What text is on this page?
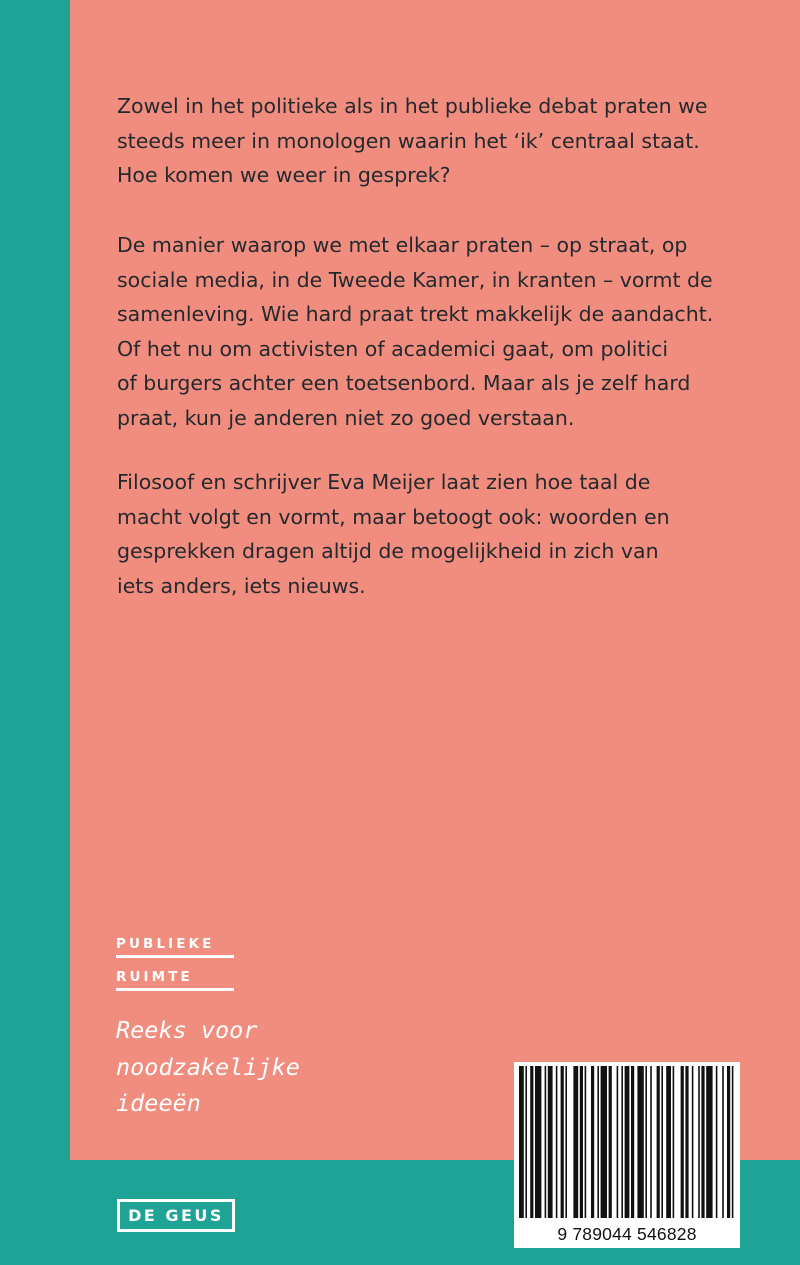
Zowel in het politieke als in het publieke debat praten we
steeds meer in monologen waarin het ‘ik’ centraal staat.
Hoe komen we weer in gesprek?

De manier waarop we met elkaar praten – op straat, op
sociale media, in de Tweede Kamer, in kranten – vormt de
samenleving. Wie hard praat trekt makkelijk de aandacht.
Of het nu om activisten of academici gaat, om politici
of burgers achter een toetsenbord. Maar als je zelf hard
praat, kun je anderen niet zo goed verstaan.

Filosoof en schrijver Eva Meijer laat zien hoe taal de
macht volgt en vormt, maar betoogt ook: woorden en
gesprekken dragen altijd de mogelijkheid in zich van
iets anders, iets nieuws.

PUBLIEKE
RUIMTE

Reeks voor
noodzakelijke
ideeën

DE GEUS
9 789044 546828
